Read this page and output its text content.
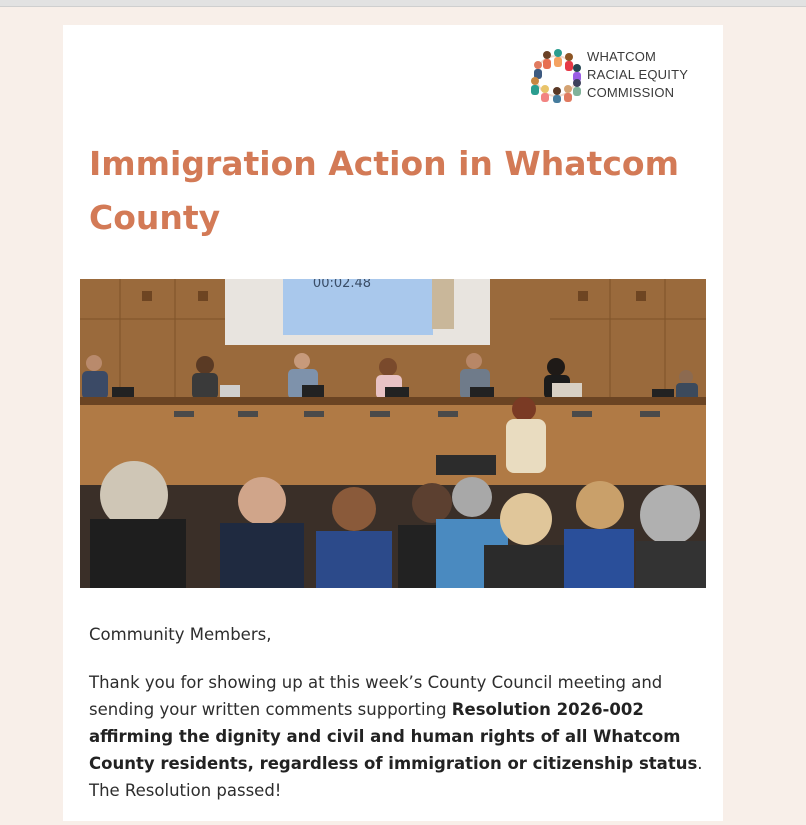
WHATCOM
RACIAL EQUITY
COMMISSION
Immigration Action in Whatcom County
00:02.48

Community Members,

Thank you for showing up at this week’s County Council meeting and sending your written comments supporting Resolution 2026-002 affirming the dignity and civil and human rights of all Whatcom County residents, regardless of immigration or citizenship status. The Resolution passed!
